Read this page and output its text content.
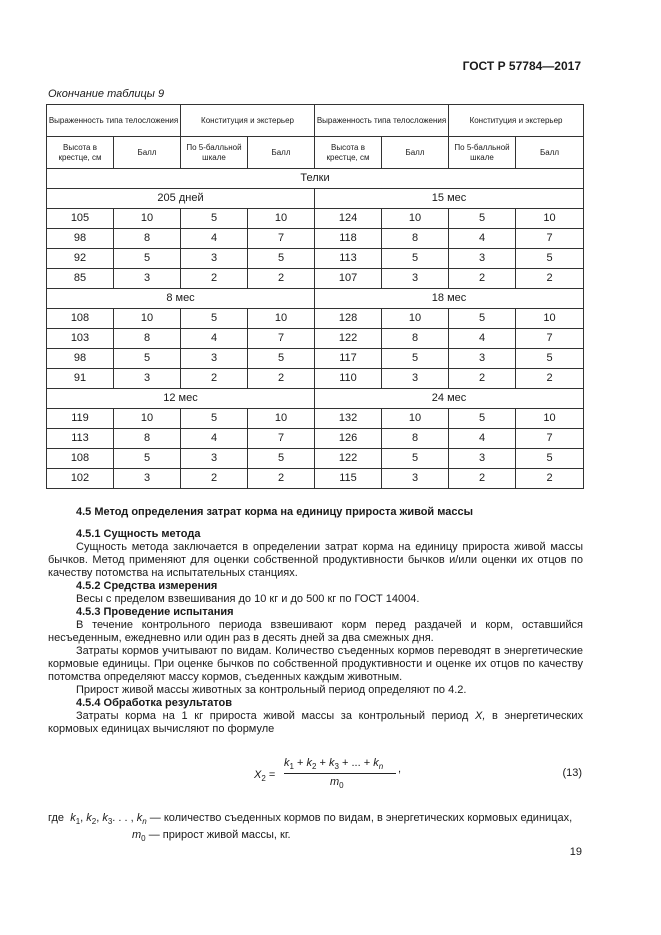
ГОСТ Р 57784—2017
Окончание таблицы 9
Выраженность типа телосложения		Конституция и экстерьер		Выраженность типа телосложения		Конституция и экстерьер	
Высота в крестце, см	Балл	По 5-балльной шкале	Балл	Высота в крестце, см	Балл	По 5-балльной шкале	Балл
Телки							
205 дней				15 мес			
105	10	5	10	124	10	5	10
98	8	4	7	118	8	4	7
92	5	3	5	113	5	3	5
85	3	2	2	107	3	2	2
8 мес				18 мес			
108	10	5	10	128	10	5	10
103	8	4	7	122	8	4	7
98	5	3	5	117	5	3	5
91	3	2	2	110	3	2	2
12 мес				24 мес			
119	10	5	10	132	10	5	10
113	8	4	7	126	8	4	7
108	5	3	5	122	5	3	5
102	3	2	2	115	3	2	2

4.5 Метод определения затрат корма на единицу прироста живой массы

4.5.1 Сущность метода

Сущность метода заключается в определении затрат корма на единицу прироста живой массы бычков. Метод применяют для оценки собственной продуктивности бычков и/или оценки их отцов по качеству потомства на испытательных станциях.

4.5.2 Средства измерения

Весы с пределом взвешивания до 10 кг и до 500 кг по ГОСТ 14004.

4.5.3 Проведение испытания

В течение контрольного периода взвешивают корм перед раздачей и корм, оставшийся несъеденным, ежедневно или один раз в десять дней за два смежных дня.

Затраты кормов учитывают по видам. Количество съеденных кормов переводят в энергетические кормовые единицы. При оценке бычков по собственной продуктивности и оценке их отцов по качеству потомства определяют массу кормов, съеденных каждым животным.

Прирост живой массы животных за контрольный период определяют по 4.2.

4.5.4 Обработка результатов

Затраты корма на 1 кг прироста живой массы за контрольный период X, в энергетических кормовых единицах вычисляют по формуле

$X_2$ =
$k_1 + k_2 + k_3$ + ... + $k_n$ ,
$m_0$
(13)
где $k_1$, $k_2$, $k_3$. . . , $k_n$ — количество съеденных кормов по видам, в энергетических кормовых единицах,
$m_0$ — прирост живой массы, кг.
19
